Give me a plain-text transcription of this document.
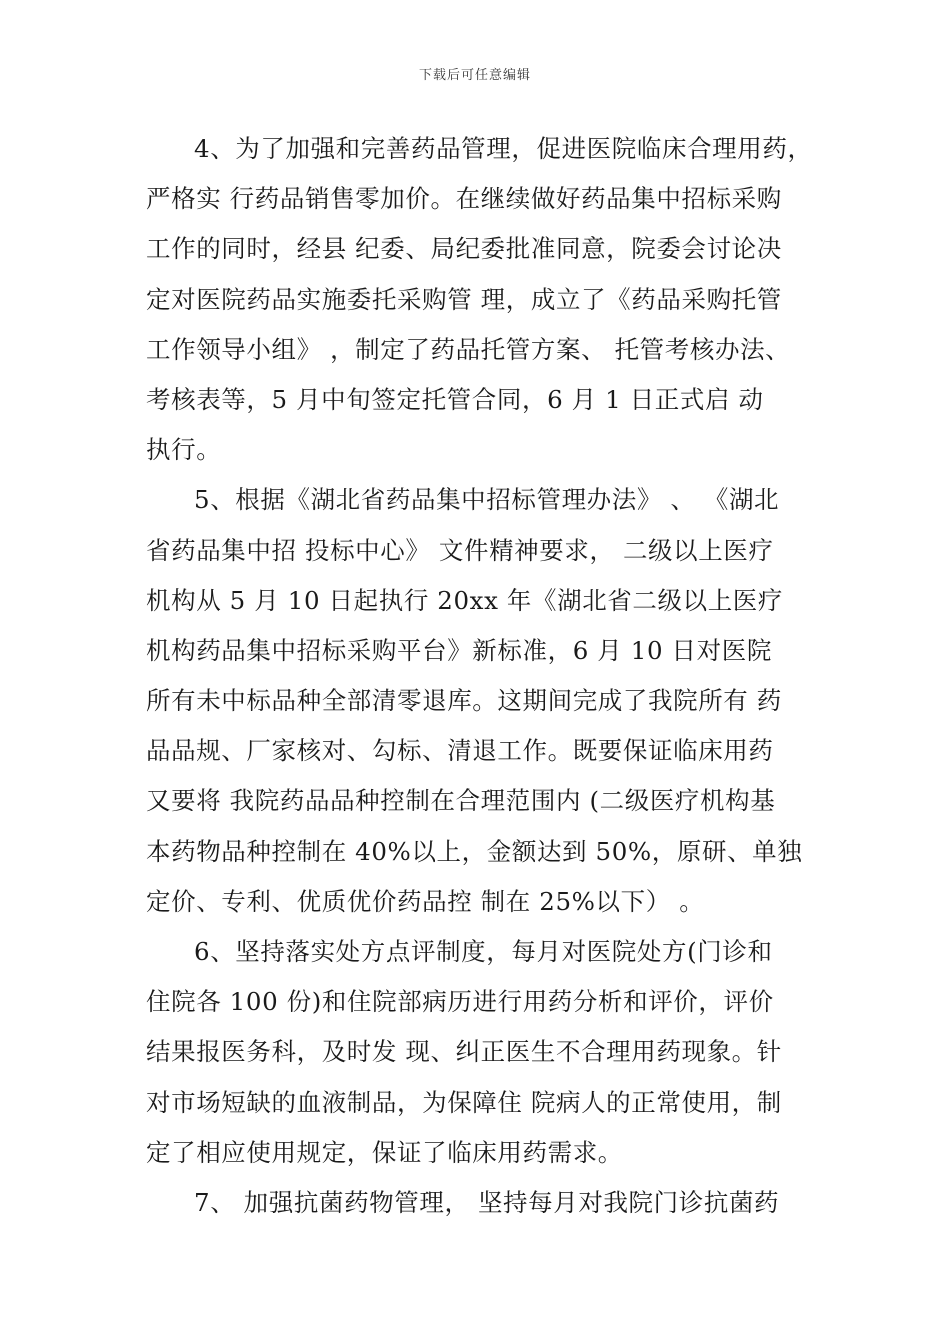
下载后可任意编辑
4、为了加强和完善药品管理，促进医院临床合理用药，
严格实 行药品销售零加价。在继续做好药品集中招标采购
工作的同时，经县 纪委、局纪委批准同意，院委会讨论决
定对医院药品实施委托采购管 理，成立了《药品采购托管
工作领导小组》 ，制定了药品托管方案、 托管考核办法、
考核表等，5 月中旬签定托管合同，6 月 1 日正式启 动
执行。
5、根据《湖北省药品集中招标管理办法》 、 《湖北
省药品集中招 投标中心》 文件精神要求， 二级以上医疗
机构从 5 月 10 日起执行 20xx 年《湖北省二级以上医疗
机构药品集中招标采购平台》新标准，6 月 10 日对医院
所有未中标品种全部清零退库。这期间完成了我院所有 药
品品规、厂家核对、勾标、清退工作。既要保证临床用药
又要将 我院药品品种控制在合理范围内 (二级医疗机构基
本药物品种控制在 40%以上，金额达到 50%，原研、单独
定价、专利、优质优价药品控 制在 25%以下） 。
6、坚持落实处方点评制度，每月对医院处方(门诊和
住院各 100 份)和住院部病历进行用药分析和评价，评价
结果报医务科，及时发 现、纠正医生不合理用药现象。针
对市场短缺的血液制品，为保障住 院病人的正常使用，制
定了相应使用规定，保证了临床用药需求。
7、 加强抗菌药物管理， 坚持每月对我院门诊抗菌药
